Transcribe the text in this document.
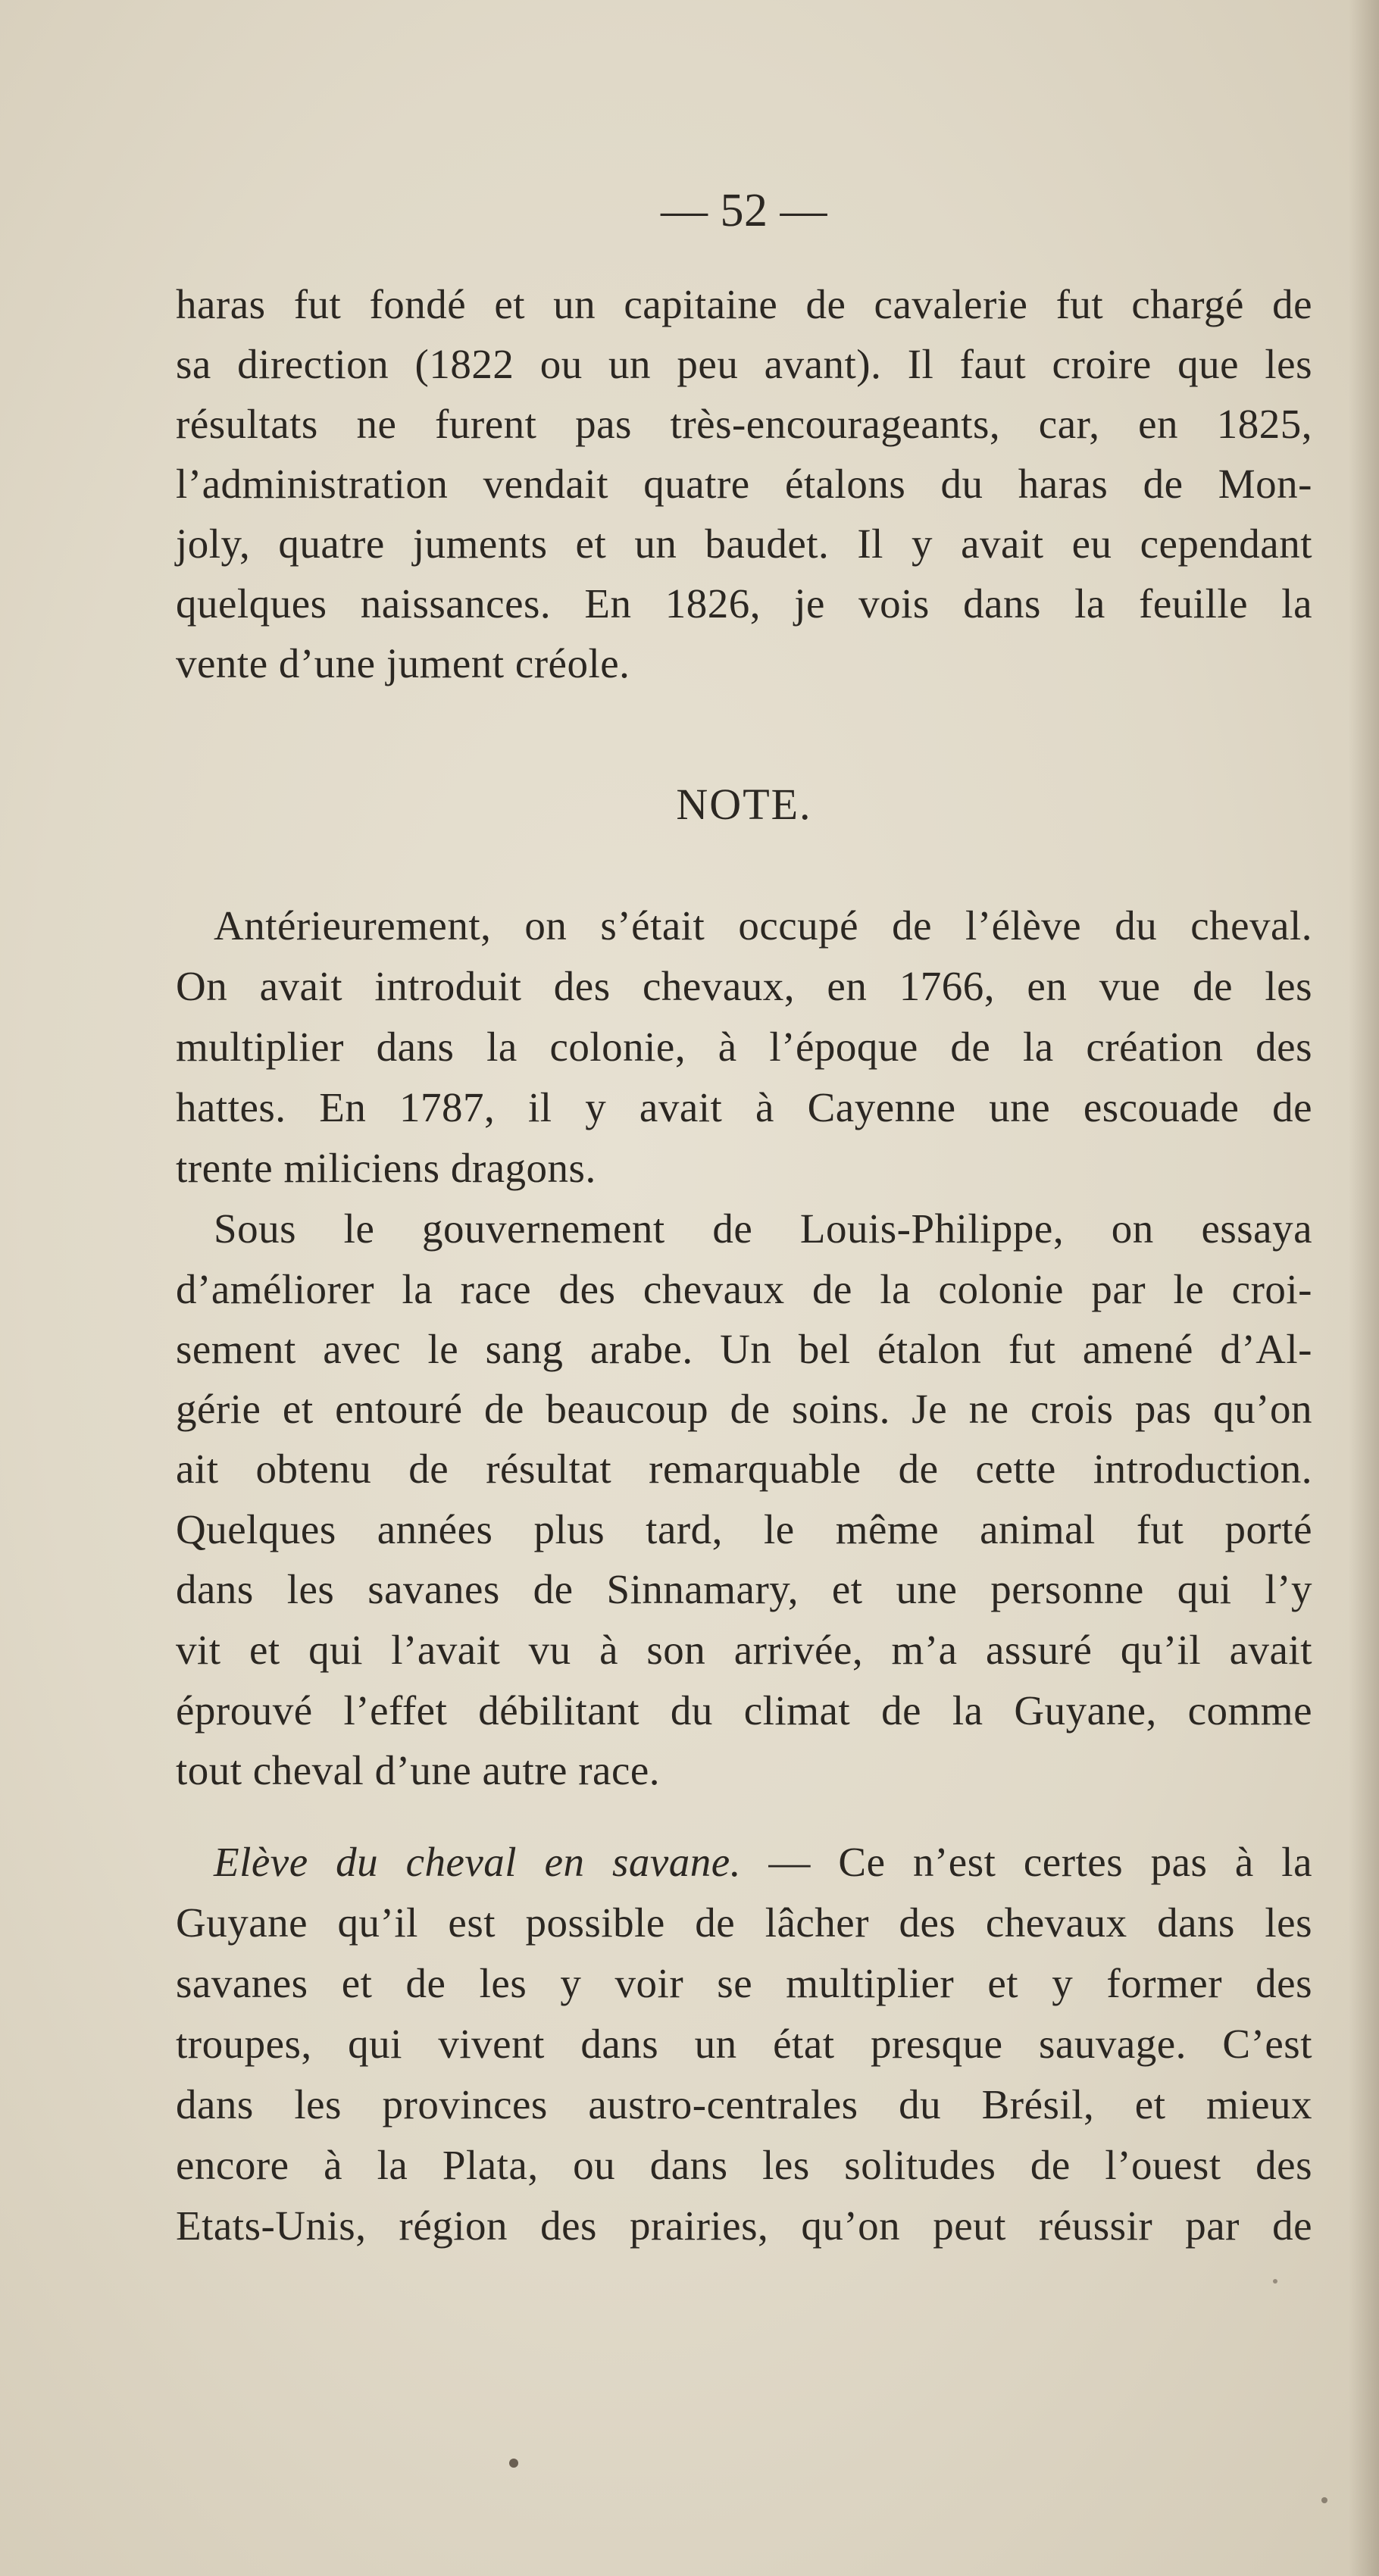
— 52 —
haras fut fondé et un capitaine de cavalerie fut chargé de
sa direction (1822 ou un peu avant). Il faut croire que les
résultats ne furent pas très-encourageants, car, en 1825,
l’administration vendait quatre étalons du haras de Mon-
joly, quatre juments et un baudet. Il y avait eu cependant
quelques naissances. En 1826, je vois dans la feuille la
vente d’une jument créole.
NOTE.
Antérieurement, on s’était occupé de l’élève du cheval.
On avait introduit des chevaux, en 1766, en vue de les
multiplier dans la colonie, à l’époque de la création des
hattes. En 1787, il y avait à Cayenne une escouade de
trente miliciens dragons.
Sous le gouvernement de Louis-Philippe, on essaya
d’améliorer la race des chevaux de la colonie par le croi-
sement avec le sang arabe. Un bel étalon fut amené d’Al-
gérie et entouré de beaucoup de soins. Je ne crois pas qu’on
ait obtenu de résultat remarquable de cette introduction.
Quelques années plus tard, le même animal fut porté
dans les savanes de Sinnamary, et une personne qui l’y
vit et qui l’avait vu à son arrivée, m’a assuré qu’il avait
éprouvé l’effet débilitant du climat de la Guyane, comme
tout cheval d’une autre race.
Elève du cheval en savane. — Ce n’est certes pas à la
Guyane qu’il est possible de lâcher des chevaux dans les
savanes et de les y voir se multiplier et y former des
troupes, qui vivent dans un état presque sauvage. C’est
dans les provinces austro-centrales du Brésil, et mieux
encore à la Plata, ou dans les solitudes de l’ouest des
Etats-Unis, région des prairies, qu’on peut réussir par de
